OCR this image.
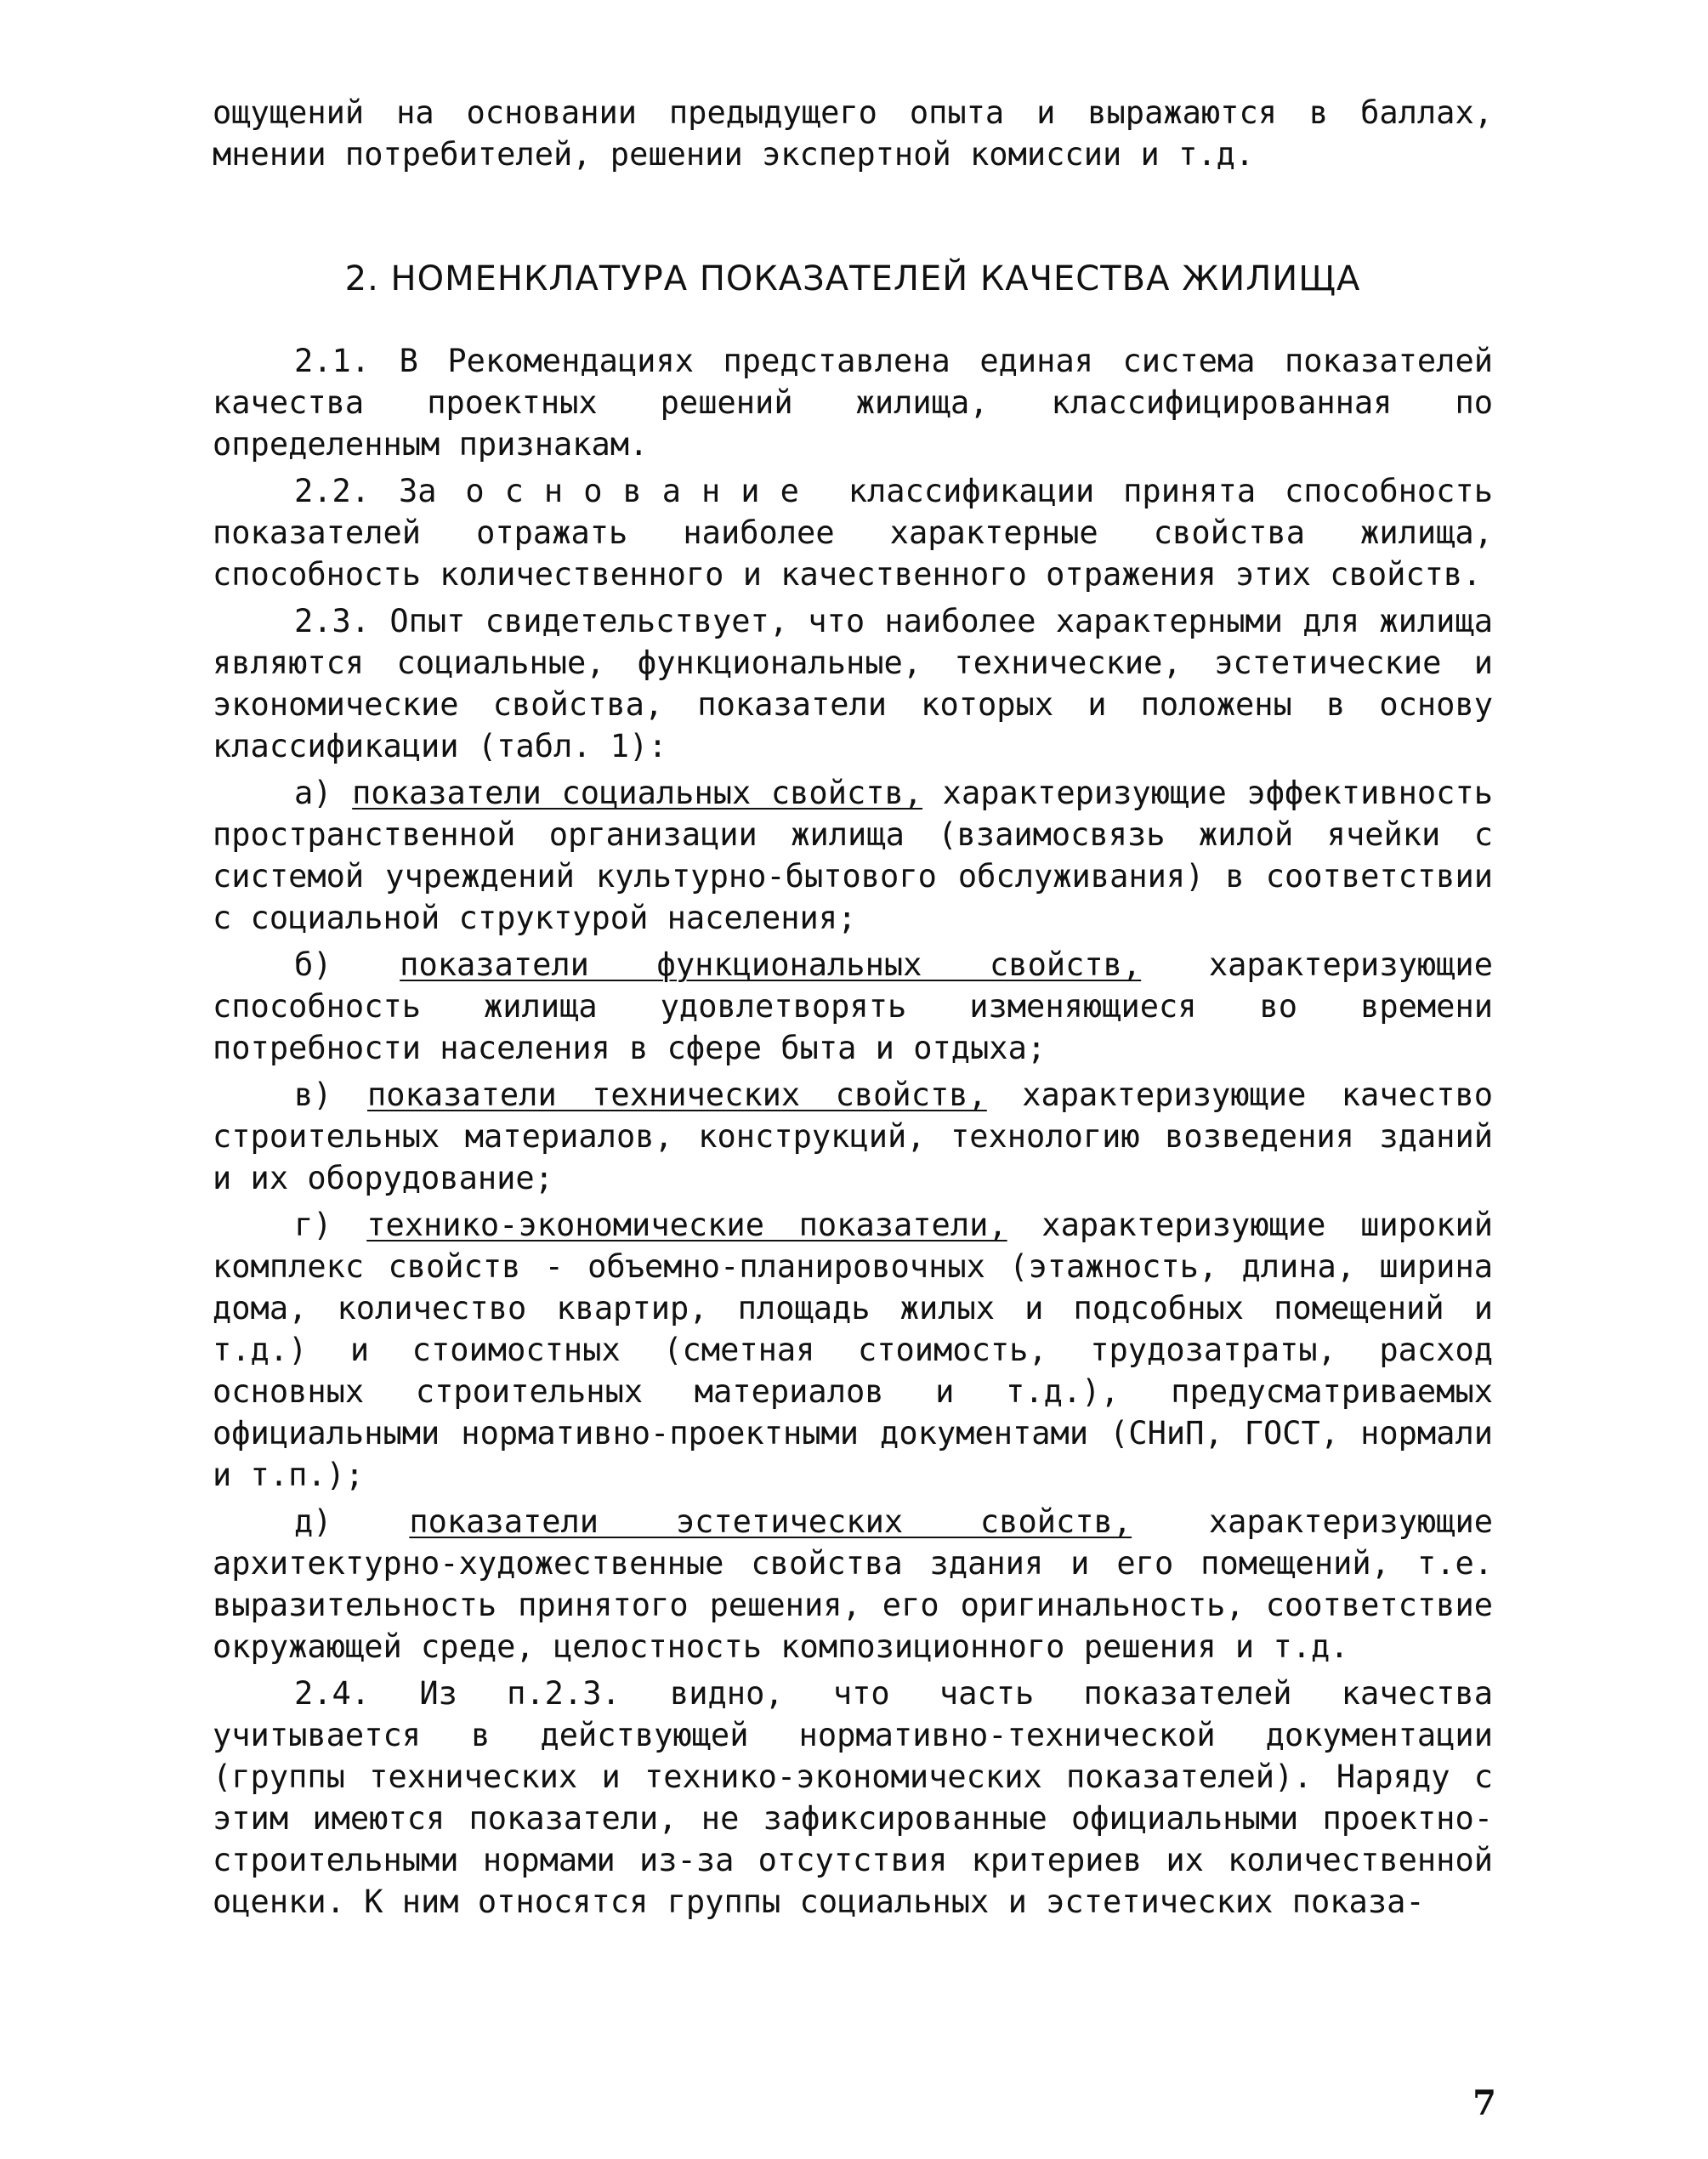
ощущений на основании предыдущего опыта и выражаются в баллах, мнении потребителей, решении экспертной комиссии и т.д.

2. НОМЕНКЛАТУРА ПОКАЗАТЕЛЕЙ КАЧЕСТВА ЖИЛИЩА

2.1. В Рекомендациях представлена единая система показателей качества проектных решений жилища, классифицированная по определенным признакам.

2.2. За основание классификации принята способность показателей отражать наиболее характерные свойства жилища, способность количественного и качественного отражения этих свойств.

2.3. Опыт свидетельствует, что наиболее характерными для жилища являются социальные, функциональные, технические, эстетические и экономические свойства, показатели которых и положены в основу классификации (табл. 1):

а) показатели социальных свойств, характеризующие эффективность пространственной организации жилища (взаимосвязь жилой ячейки с системой учреждений культурно-бытового обслуживания) в соответствии с социальной структурой населения;

б) показатели функциональных свойств, характеризующие способность жилища удовлетворять изменяющиеся во времени потребности населения в сфере быта и отдыха;

в) показатели технических свойств, характеризующие качество строительных материалов, конструкций, технологию возведения зданий и их оборудование;

г) технико-экономические показатели, характеризующие широкий комплекс свойств - объемно-планировочных (этажность, длина, ширина дома, количество квартир, площадь жилых и подсобных помещений и т.д.) и стоимостных (сметная стоимость, трудозатраты, расход основных строительных материалов и т.д.), предусматриваемых официальными нормативно-проектными документами (СНиП, ГОСТ, нормали и т.п.);

д) показатели эстетических свойств, характеризующие архитектурно-художественные свойства здания и его помещений, т.е. выразительность принятого решения, его оригинальность, соответствие окружающей среде, целостность композиционного решения и т.д.

2.4. Из п.2.3. видно, что часть показателей качества учитывается в действующей нормативно-технической документации (группы технических и технико-экономических показателей). Наряду с этим имеются показатели, не зафиксированные официальными проектно-строительными нормами из-за отсутствия критериев их количественной оценки. К ним относятся группы социальных и эстетических показа-

7
